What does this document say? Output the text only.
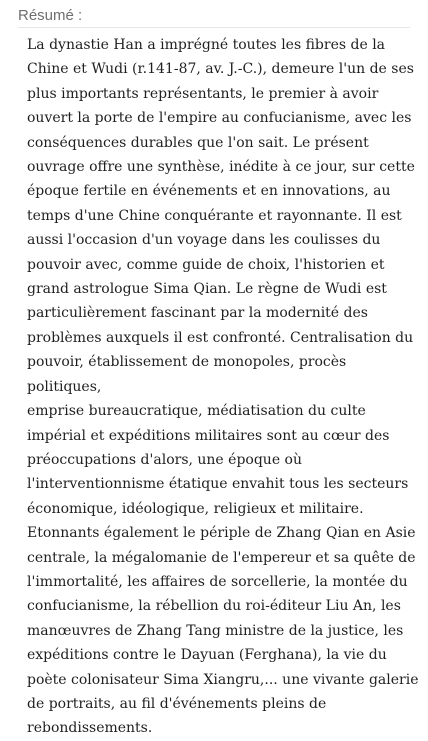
Résumé :

La dynastie Han a imprégné toutes les fibres de la
Chine et Wudi (r.141-87, av. J.-C.), demeure l'un de ses
plus importants représentants, le premier à avoir
ouvert la porte de l'empire au confucianisme, avec les
conséquences durables que l'on sait. Le présent
ouvrage offre une synthèse, inédite à ce jour, sur cette
époque fertile en événements et en innovations, au
temps d'une Chine conquérante et rayonnante. Il est
aussi l'occasion d'un voyage dans les coulisses du
pouvoir avec, comme guide de choix, l'historien et
grand astrologue Sima Qian. Le règne de Wudi est
particulièrement fascinant par la modernité des
problèmes auxquels il est confronté. Centralisation du
pouvoir, établissement de monopoles, procès politiques,
emprise bureaucratique, médiatisation du culte
impérial et expéditions militaires sont au cœur des
préoccupations d'alors, une époque où
l'interventionnisme étatique envahit tous les secteurs
économique, idéologique, religieux et militaire.
Etonnants également le périple de Zhang Qian en Asie
centrale, la mégalomanie de l'empereur et sa quête de
l'immortalité, les affaires de sorcellerie, la montée du
confucianisme, la rébellion du roi-éditeur Liu An, les
manœuvres de Zhang Tang ministre de la justice, les
expéditions contre le Dayuan (Ferghana), la vie du
poète colonisateur Sima Xiangru,... une vivante galerie
de portraits, au fil d'événements pleins de
rebondissements.
